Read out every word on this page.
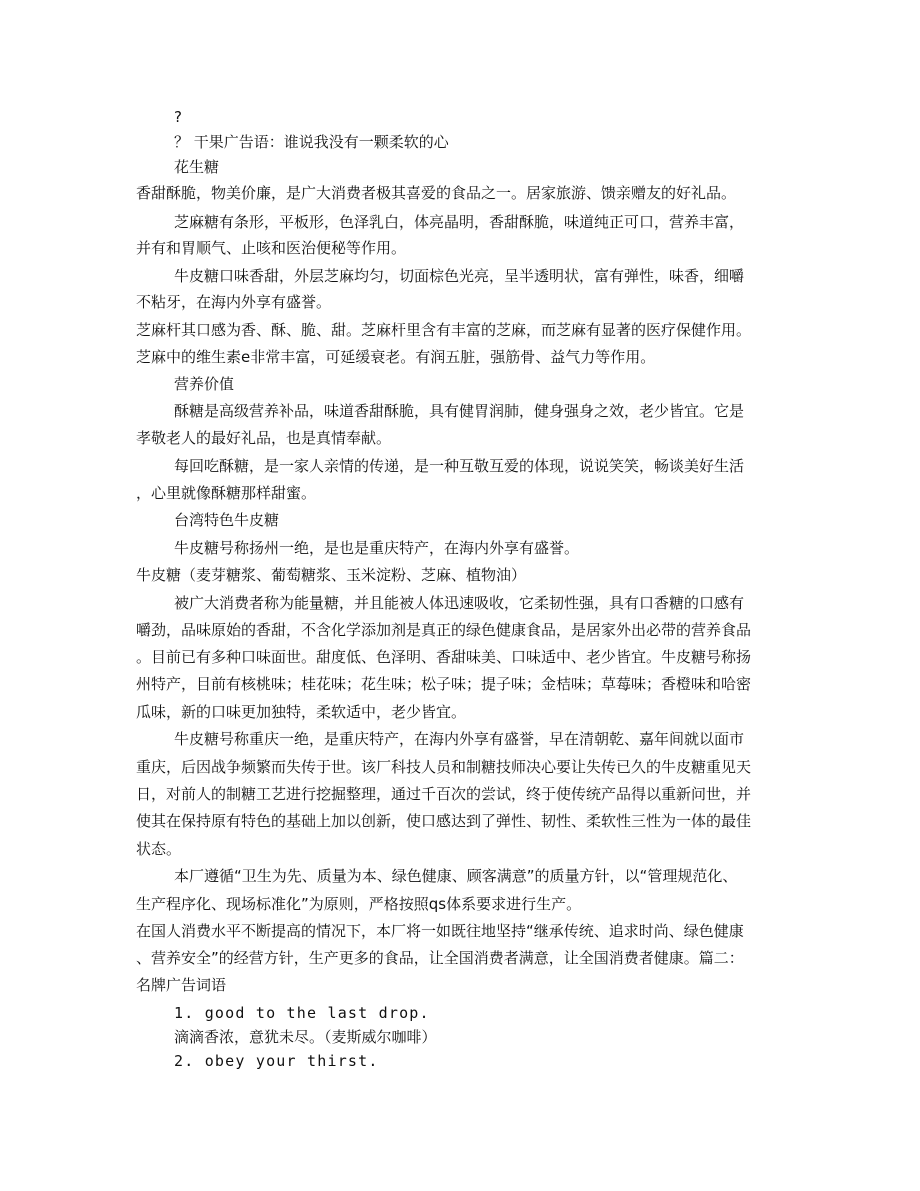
?
？ 干果广告语：谁说我没有一颗柔软的心
花生糖
香甜酥脆，物美价廉，是广大消费者极其喜爱的食品之一。居家旅游、馈亲赠友的好礼品。
芝麻糖有条形，平板形，色泽乳白，体亮晶明，香甜酥脆，味道纯正可口，营养丰富，
并有和胃顺气、止咳和医治便秘等作用。
牛皮糖口味香甜，外层芝麻均匀，切面棕色光亮，呈半透明状，富有弹性，味香，细嚼
不粘牙，在海内外享有盛誉。
芝麻杆其口感为香、酥、脆、甜。芝麻杆里含有丰富的芝麻，而芝麻有显著的医疗保健作用。
芝麻中的维生素e非常丰富，可延缓衰老。有润五脏，强筋骨、益气力等作用。
营养价值
酥糖是高级营养补品，味道香甜酥脆，具有健胃润肺，健身强身之效，老少皆宜。它是
孝敬老人的最好礼品，也是真情奉献。
每回吃酥糖，是一家人亲情的传递，是一种互敬互爱的体现，说说笑笑，畅谈美好生活
，心里就像酥糖那样甜蜜。
台湾特色牛皮糖
牛皮糖号称扬州一绝，是也是重庆特产，在海内外享有盛誉。
牛皮糖（麦芽糖浆、葡萄糖浆、玉米淀粉、芝麻、植物油）
被广大消费者称为能量糖，并且能被人体迅速吸收，它柔韧性强，具有口香糖的口感有
嚼劲，品味原始的香甜，不含化学添加剂是真正的绿色健康食品，是居家外出必带的营养食品
。目前已有多种口味面世。甜度低、色泽明、香甜味美、口味适中、老少皆宜。牛皮糖号称扬
州特产，目前有核桃味；桂花味；花生味；松子味；提子味；金桔味；草莓味；香橙味和哈密
瓜味，新的口味更加独特，柔软适中，老少皆宜。
牛皮糖号称重庆一绝，是重庆特产，在海内外享有盛誉，早在清朝乾、嘉年间就以面市
重庆，后因战争频繁而失传于世。该厂科技人员和制糖技师决心要让失传已久的牛皮糖重见天
日，对前人的制糖工艺进行挖掘整理，通过千百次的尝试，终于使传统产品得以重新问世，并
使其在保持原有特色的基础上加以创新，使口感达到了弹性、韧性、柔软性三性为一体的最佳
状态。
本厂遵循“卫生为先、质量为本、绿色健康、顾客满意”的质量方针，以“管理规范化、
生产程序化、现场标准化”为原则，严格按照qs体系要求进行生产。
在国人消费水平不断提高的情况下，本厂将一如既往地坚持“继承传统、追求时尚、绿色健康
、营养安全”的经营方针，生产更多的食品，让全国消费者满意，让全国消费者健康。篇二：
名牌广告词语
1. good to the last drop.
滴滴香浓，意犹未尽。（麦斯威尔咖啡）
2. obey your thirst.
